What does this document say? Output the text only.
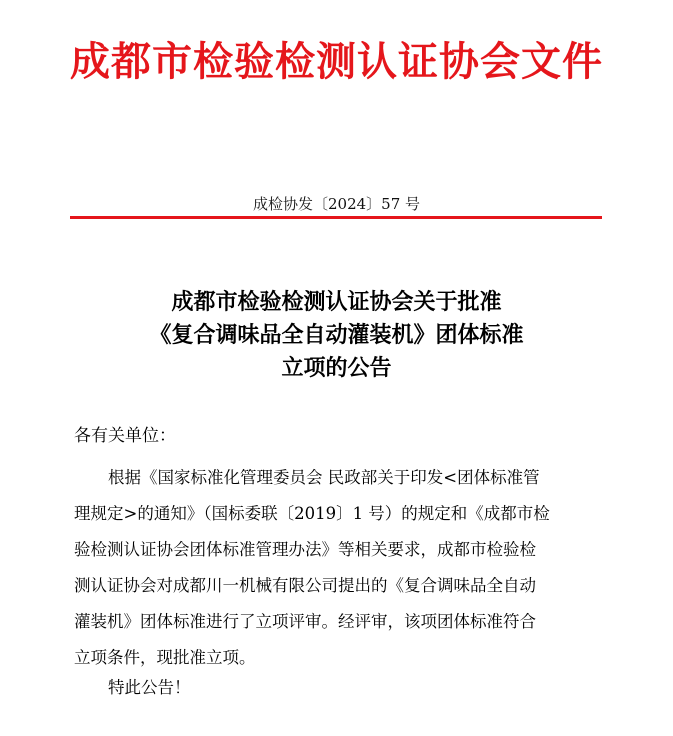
成都市检验检测认证协会文件
成检协发〔2024〕57 号
成都市检验检测认证协会关于批准
《复合调味品全自动灌装机》团体标准
立项的公告
各有关单位：
根据《国家标准化管理委员会 民政部关于印发<团体标准管
理规定>的通知》（国标委联〔2019〕1 号）的规定和《成都市检
验检测认证协会团体标准管理办法》等相关要求，成都市检验检
测认证协会对成都川一机械有限公司提出的《复合调味品全自动
灌装机》团体标准进行了立项评审。经评审，该项团体标准符合
立项条件，现批准立项。
特此公告！
